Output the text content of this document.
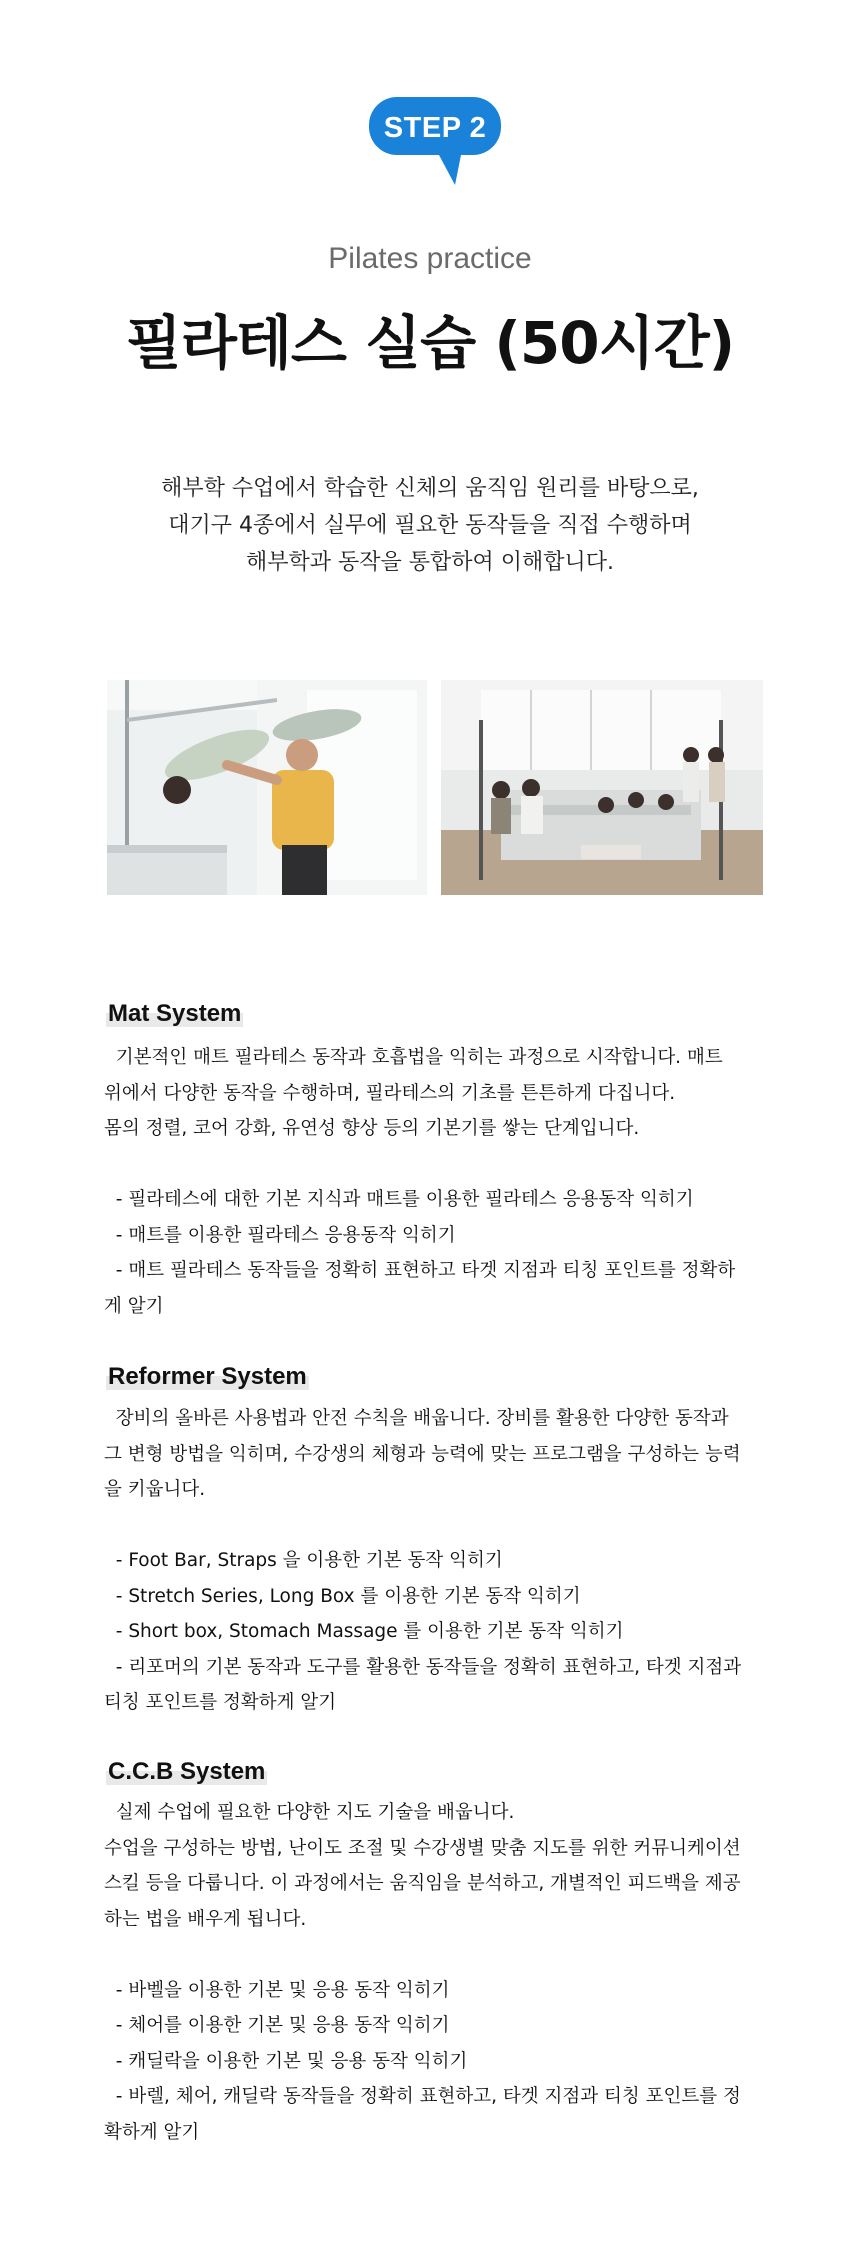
STEP 2
Pilates practice
필라테스 실습 (50시간)
해부학 수업에서 학습한 신체의 움직임 원리를 바탕으로,
대기구 4종에서 실무에 필요한 동작들을 직접 수행하며
해부학과 동작을 통합하여 이해합니다.
Mat System
기본적인 매트 필라테스 동작과 호흡법을 익히는 과정으로 시작합니다. 매트
위에서 다양한 동작을 수행하며, 필라테스의 기초를 튼튼하게 다집니다.
몸의 정렬, 코어 강화, 유연성 향상 등의 기본기를 쌓는 단계입니다.

- 필라테스에 대한 기본 지식과 매트를 이용한 필라테스 응용동작 익히기
- 매트를 이용한 필라테스 응용동작 익히기
- 매트 필라테스 동작들을 정확히 표현하고 타겟 지점과 티칭 포인트를 정확하
게 알기
Reformer System
장비의 올바른 사용법과 안전 수칙을 배웁니다. 장비를 활용한 다양한 동작과
그 변형 방법을 익히며, 수강생의 체형과 능력에 맞는 프로그램을 구성하는 능력
을 키웁니다.

- Foot Bar, Straps 을 이용한 기본 동작 익히기
- Stretch Series, Long Box 를 이용한 기본 동작 익히기
- Short box, Stomach Massage 를 이용한 기본 동작 익히기
- 리포머의 기본 동작과 도구를 활용한 동작들을 정확히 표현하고, 타겟 지점과
티칭 포인트를 정확하게 알기
C.C.B System
실제 수업에 필요한 다양한 지도 기술을 배웁니다.
수업을 구성하는 방법, 난이도 조절 및 수강생별 맞춤 지도를 위한 커뮤니케이션
스킬 등을 다룹니다. 이 과정에서는 움직임을 분석하고, 개별적인 피드백을 제공
하는 법을 배우게 됩니다.

- 바벨을 이용한 기본 및 응용 동작 익히기
- 체어를 이용한 기본 및 응용 동작 익히기
- 캐딜락을 이용한 기본 및 응용 동작 익히기
- 바렐, 체어, 캐딜락 동작들을 정확히 표현하고, 타겟 지점과 티칭 포인트를 정
확하게 알기
